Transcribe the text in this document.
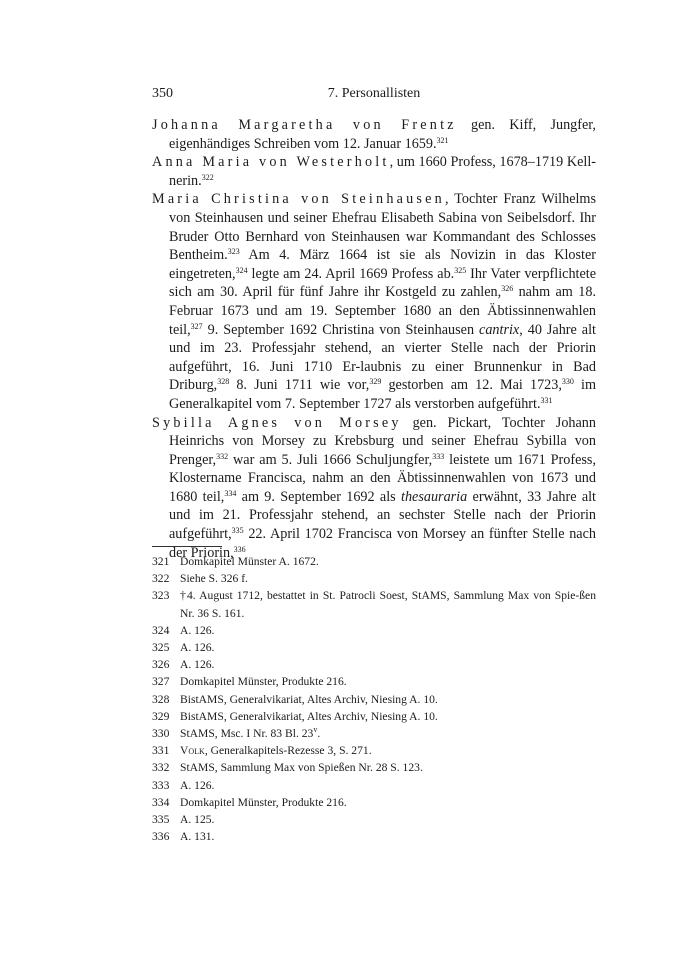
350	7. Personallisten

Johanna Margaretha von Frentz gen. Kiff, Jungfer, eigenhändiges Schreiben vom 12. Januar 1659.$^{321}$

Anna Maria von Westerholt, um 1660 Profess, 1678–1719 Kell- nerin.$^{322}$

Maria Christina von Steinhausen, Tochter Franz Wilhelms von Steinhausen und seiner Ehefrau Elisabeth Sabina von Seibelsdorf. Ihr Bruder Otto Bernhard von Steinhausen war Kommandant des Schlosses Bentheim.$^{323}$ Am 4. März 1664 ist sie als Novizin in das Kloster eingetreten,$^{324}$ legte am 24. April 1669 Profess ab.$^{325}$ Ihr Vater verpflichtete sich am 30. April für fünf Jahre ihr Kostgeld zu zahlen,$^{326}$ nahm am 18. Februar 1673 und am 19. September 1680 an den Äbtissinnenwahlen teil,$^{327}$ 9. September 1692 Christina von Steinhausen cantrix, 40 Jahre alt und im 23. Professjahr stehend, an vierter Stelle nach der Priorin aufgeführt, 16. Juni 1710 Er-laubnis zu einer Brunnenkur in Bad Driburg,$^{328}$ 8. Juni 1711 wie vor,$^{329}$ gestorben am 12. Mai 1723,$^{330}$ im Generalkapitel vom 7. September 1727 als verstorben aufgeführt.$^{331}$

Sybilla Agnes von Morsey gen. Pickart, Tochter Johann Heinrichs von Morsey zu Krebsburg und seiner Ehefrau Sybilla von Prenger,$^{332}$ war am 5. Juli 1666 Schuljungfer,$^{333}$ leistete um 1671 Profess, Klostername Francisca, nahm an den Äbtissinnenwahlen von 1673 und 1680 teil,$^{334}$ am 9. September 1692 als thesauraria erwähnt, 33 Jahre alt und im 21. Professjahr stehend, an sechster Stelle nach der Priorin aufgeführt,$^{335}$ 22. April 1702 Francisca von Morsey an fünfter Stelle nach der Priorin,$^{336}$

321 Domkapitel Münster A. 1672.
322 Siehe S. 326 f.
323 †4. August 1712, bestattet in St. Patrocli Soest, StAMS, Sammlung Max von Spie-ßen Nr. 36 S. 161.
324 A. 126.
325 A. 126.
326 A. 126.
327 Domkapitel Münster, Produkte 216.
328 BistAMS, Generalvikariat, Altes Archiv, Niesing A. 10.
329 BistAMS, Generalvikariat, Altes Archiv, Niesing A. 10.
330 StAMS, Msc. I Nr. 83 Bl. 23$^v$.
331 Volk, Generalkapitels-Rezesse 3, S. 271.
332 StAMS, Sammlung Max von Spießen Nr. 28 S. 123.
333 A. 126.
334 Domkapitel Münster, Produkte 216.
335 A. 125.
336 A. 131.
